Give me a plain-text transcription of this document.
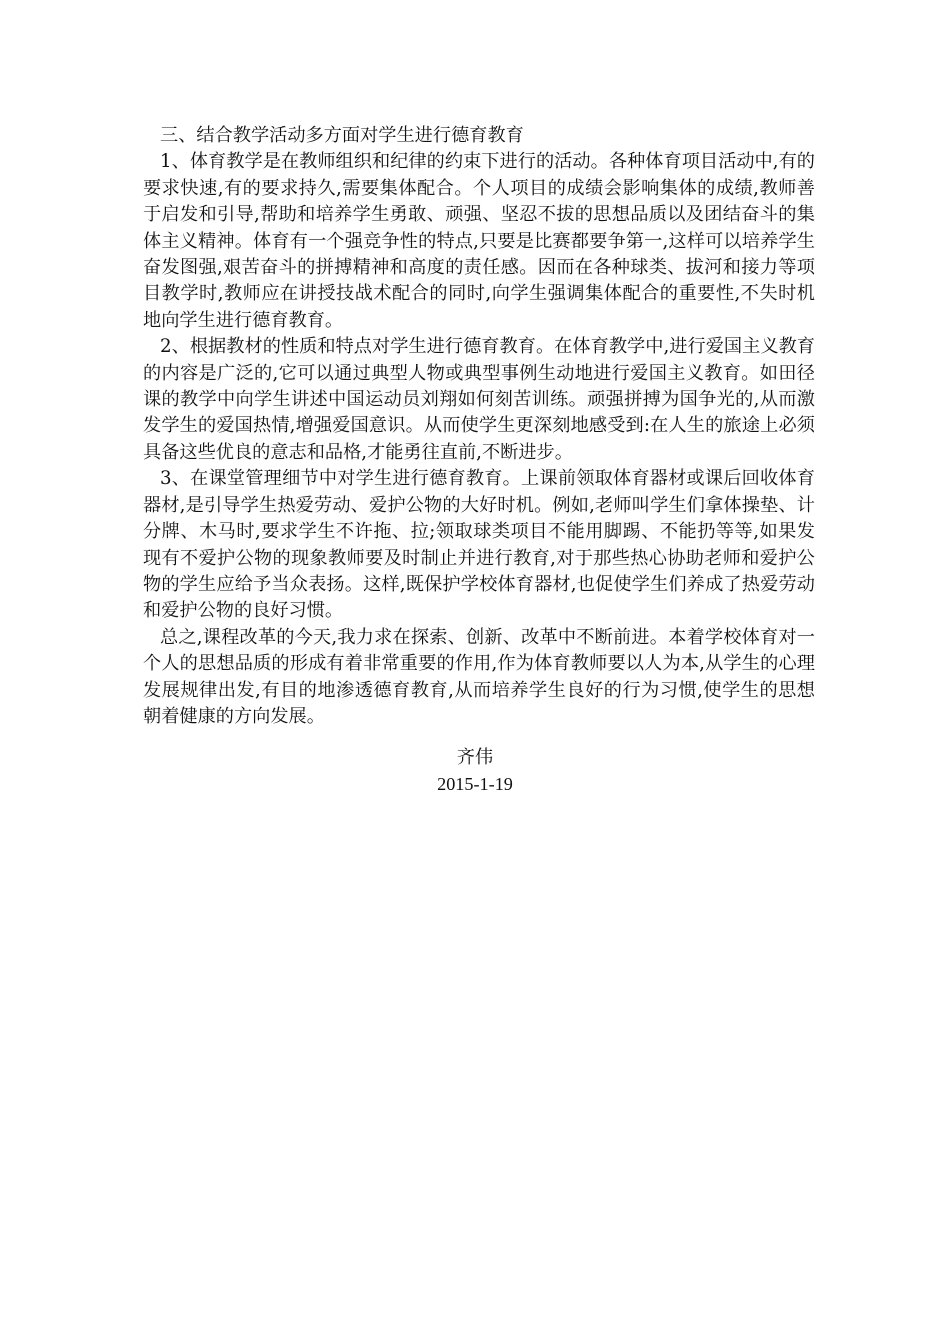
三、结合教学活动多方面对学生进行德育教育

1、体育教学是在教师组织和纪律的约束下进行的活动。各种体育项目活动中,有的要求快速,有的要求持久,需要集体配合。个人项目的成绩会影响集体的成绩,教师善于启发和引导,帮助和培养学生勇敢、顽强、坚忍不拔的思想品质以及团结奋斗的集体主义精神。体育有一个强竞争性的特点,只要是比赛都要争第一,这样可以培养学生奋发图强,艰苦奋斗的拼搏精神和高度的责任感。因而在各种球类、拔河和接力等项目教学时,教师应在讲授技战术配合的同时,向学生强调集体配合的重要性,不失时机地向学生进行德育教育。

2、根据教材的性质和特点对学生进行德育教育。在体育教学中,进行爱国主义教育的内容是广泛的,它可以通过典型人物或典型事例生动地进行爱国主义教育。如田径课的教学中向学生讲述中国运动员刘翔如何刻苦训练。顽强拼搏为国争光的,从而激发学生的爱国热情,增强爱国意识。从而使学生更深刻地感受到:在人生的旅途上必须具备这些优良的意志和品格,才能勇往直前,不断进步。

3、在课堂管理细节中对学生进行德育教育。上课前领取体育器材或课后回收体育器材,是引导学生热爱劳动、爱护公物的大好时机。例如,老师叫学生们拿体操垫、计分牌、木马时,要求学生不许拖、拉;领取球类项目不能用脚踢、不能扔等等,如果发现有不爱护公物的现象教师要及时制止并进行教育,对于那些热心协助老师和爱护公物的学生应给予当众表扬。这样,既保护学校体育器材,也促使学生们养成了热爱劳动和爱护公物的良好习惯。

总之,课程改革的今天,我力求在探索、创新、改革中不断前进。本着学校体育对一个人的思想品质的形成有着非常重要的作用,作为体育教师要以人为本,从学生的心理发展规律出发,有目的地渗透德育教育,从而培养学生良好的行为习惯,使学生的思想朝着健康的方向发展。

齐伟
2015-1-19
